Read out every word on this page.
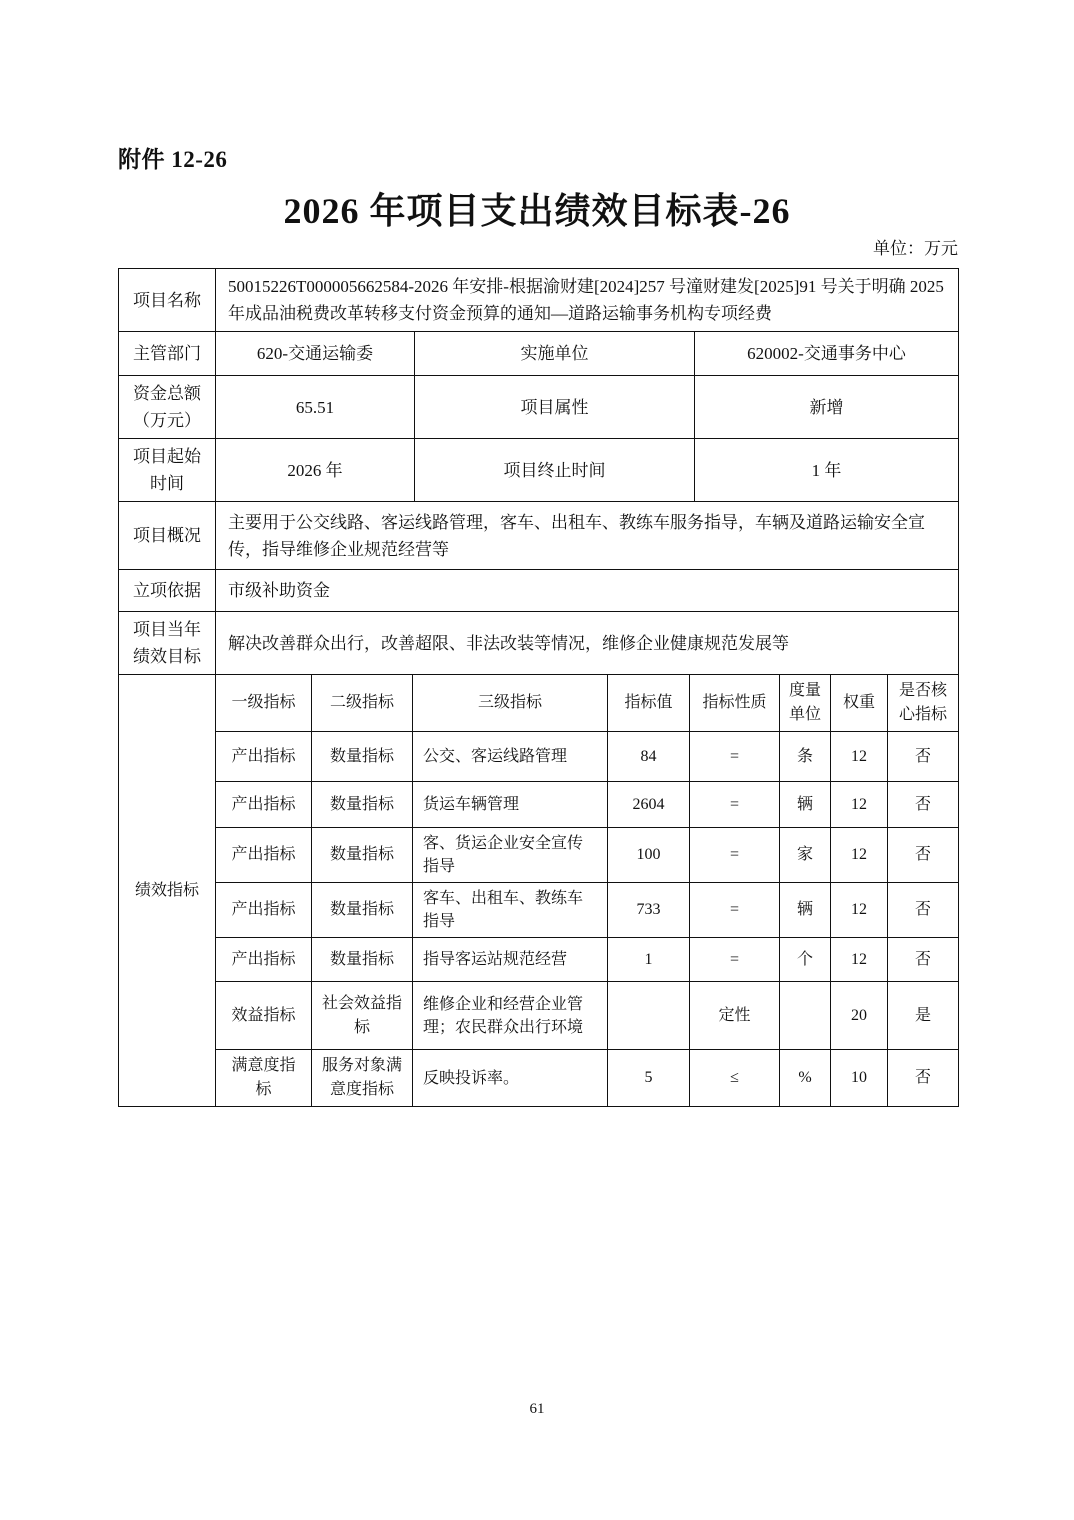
附件 12-26
2026 年项目支出绩效目标表-26
单位：万元
项目名称	50015226T000005662584-2026 年安排-根据渝财建[2024]257 号潼财建发[2025]91 号关于明确 2025 年成品油税费改革转移支付资金预算的通知—道路运输事务机构专项经费		
主管部门	620-交通运输委	实施单位	620002-交通事务中心
资金总额（万元）	65.51	项目属性	新增
项目起始时间	2026 年	项目终止时间	1 年
项目概况	主要用于公交线路、客运线路管理，客车、出租车、教练车服务指导，车辆及道路运输安全宣传，指导维修企业规范经营等		
立项依据	市级补助资金		
项目当年绩效目标	解决改善群众出行，改善超限、非法改装等情况，维修企业健康规范发展等		
绩效指标	一级指标	二级指标	三级指标	指标值	指标性质	度量单位	权重	是否核心指标
	产出指标	数量指标	公交、客运线路管理	84	=	条	12	否
	产出指标	数量指标	货运车辆管理	2604	=	辆	12	否
	产出指标	数量指标	客、货运企业安全宣传指导	100	=	家	12	否
	产出指标	数量指标	客车、出租车、教练车指导	733	=	辆	12	否
	产出指标	数量指标	指导客运站规范经营	1	=	个	12	否
	效益指标	社会效益指标	维修企业和经营企业管理；农民群众出行环境		定性		20	是
	满意度指标	服务对象满意度指标	反映投诉率。	5	≤	%	10	否
61
